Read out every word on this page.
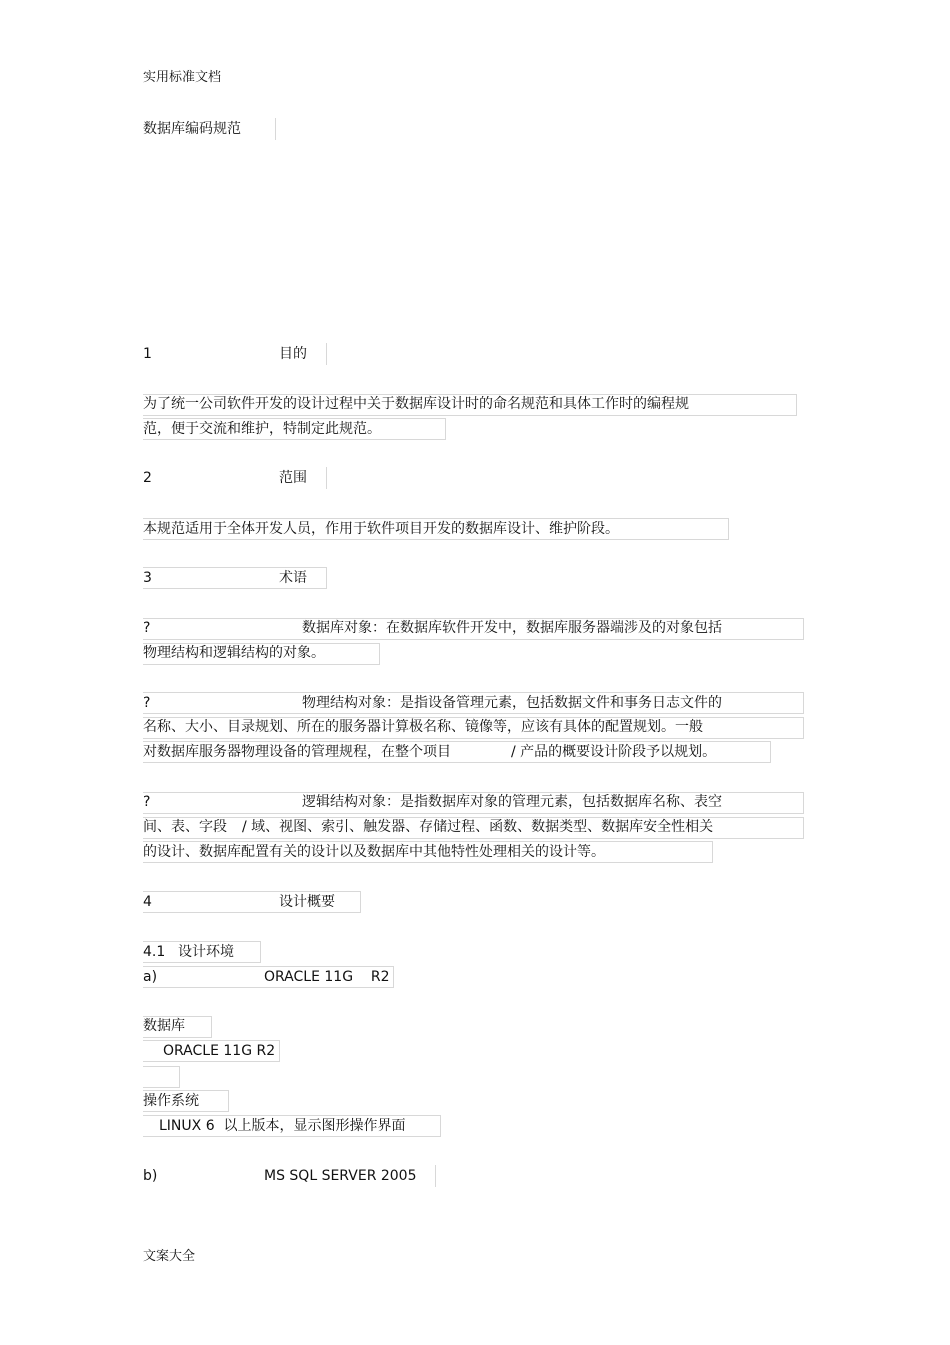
实用标准文档
数据库编码规范
1	目的
为了统一公司软件开发的设计过程中关于数据库设计时的命名规范和具体工作时的编程规
范，便于交流和维护，特制定此规范。
2	范围
本规范适用于全体开发人员，作用于软件项目开发的数据库设计、维护阶段。
3	术语
?	数据库对象：在数据库软件开发中，数据库服务器端涉及的对象包括
物理结构和逻辑结构的对象。
?	物理结构对象：是指设备管理元素，包括数据文件和事务日志文件的
名称、大小、目录规划、所在的服务器计算极名称、镜像等，应该有具体的配置规划。一般
对数据库服务器物理设备的管理规程，在整个项目	/ 产品的概要设计阶段予以规划。
?	逻辑结构对象：是指数据库对象的管理元素，包括数据库名称、表空
间、表、字段 / 域、视图、索引、触发器、存储过程、函数、数据类型、数据库安全性相关
的设计、数据库配置有关的设计以及数据库中其他特性处理相关的设计等。
4	设计概要
4.1 设计环境
a)	ORACLE 11G    R2
数据库
ORACLE 11G R2
操作系统
LINUX 6  以上版本，显示图形操作界面
b)	MS SQL SERVER 2005
文案大全
